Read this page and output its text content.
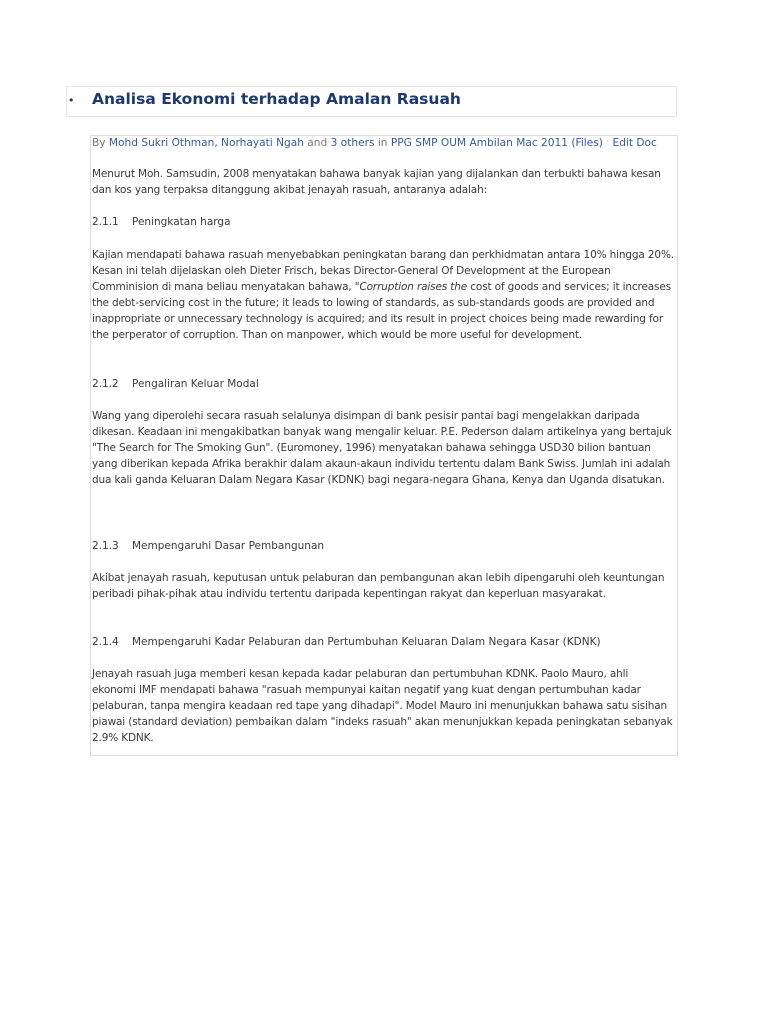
• Analisa Ekonomi terhadap Amalan Rasuah
By Mohd Sukri Othman, Norhayati Ngah and 3 others in PPG SMP OUM Ambilan Mac 2011 (Files) · Edit Doc
Menurut Moh. Samsudin, 2008 menyatakan bahawa banyak kajian yang dijalankan dan terbukti bahawa kesan
dan kos yang terpaksa ditanggung akibat jenayah rasuah, antaranya adalah:
2.1.1 Peningkatan harga
Kajian mendapati bahawa rasuah menyebabkan peningkatan barang dan perkhidmatan antara 10% hingga 20%.
Kesan ini telah dijelaskan oleh Dieter Frisch, bekas Director-General Of Development at the European
Comminision di mana beliau menyatakan bahawa, "Corruption raises the cost of goods and services; it increases
the debt-servicing cost in the future; it leads to lowing of standards, as sub-standards goods are provided and
inappropriate or unnecessary technology is acquired; and its result in project choices being made rewarding for
the perperator of corruption. Than on manpower, which would be more useful for development.
2.1.2 Pengaliran Keluar Modal
Wang yang diperolehi secara rasuah selalunya disimpan di bank pesisir pantai bagi mengelakkan daripada
dikesan. Keadaan ini mengakibatkan banyak wang mengalir keluar. P.E. Pederson dalam artikelnya yang bertajuk
"The Search for The Smoking Gun". (Euromoney, 1996) menyatakan bahawa sehingga USD30 bilion bantuan
yang diberikan kepada Afrika berakhir dalam akaun-akaun individu tertentu dalam Bank Swiss. Jumlah ini adalah
dua kali ganda Keluaran Dalam Negara Kasar (KDNK) bagi negara-negara Ghana, Kenya dan Uganda disatukan.
2.1.3 Mempengaruhi Dasar Pembangunan
Akibat jenayah rasuah, keputusan untuk pelaburan dan pembangunan akan lebih dipengaruhi oleh keuntungan
peribadi pihak-pihak atau individu tertentu daripada kepentingan rakyat dan keperluan masyarakat.
2.1.4 Mempengaruhi Kadar Pelaburan dan Pertumbuhan Keluaran Dalam Negara Kasar (KDNK)
Jenayah rasuah juga memberi kesan kepada kadar pelaburan dan pertumbuhan KDNK. Paolo Mauro, ahli
ekonomi IMF mendapati bahawa "rasuah mempunyai kaitan negatif yang kuat dengan pertumbuhan kadar
pelaburan, tanpa mengira keadaan red tape yang dihadapi". Model Mauro ini menunjukkan bahawa satu sisihan
piawai (standard deviation) pembaikan dalam "indeks rasuah" akan menunjukkan kepada peningkatan sebanyak
2.9% KDNK.
